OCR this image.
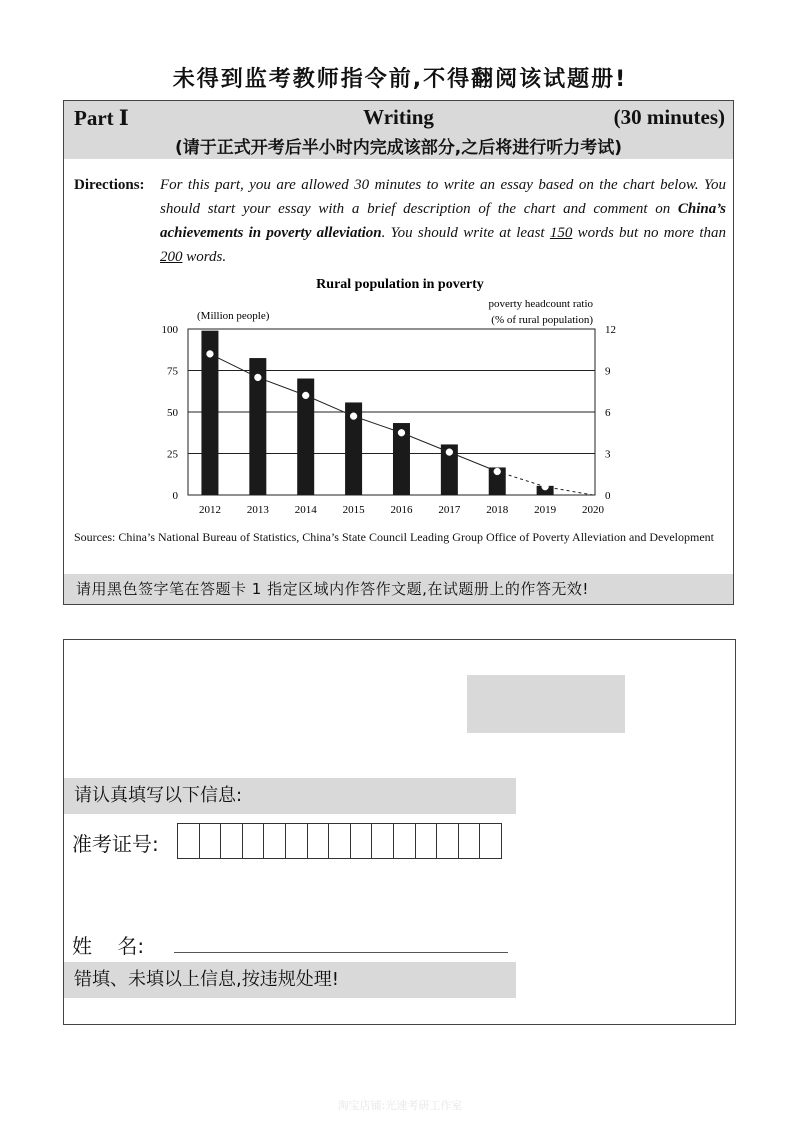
未得到监考教师指令前,不得翻阅该试题册!
Writing
Part Ⅰ	(30 minutes)
(请于正式开考后半小时内完成该部分,之后将进行听力考试)
Directions: For this part, you are allowed 30 minutes to write an essay based on the chart below. You should start your essay with a brief description of the chart and comment on China’s achievements in poverty alleviation. You should write at least 150 words but no more than 200 words.
Rural population in poverty
(Million people)
poverty headcount ratio
(% of rural population)
0
25
50
75
100
0
3
6
9
12
2012 2013 2014 2015 2016 2017 2018 2019 2020
Sources: China’s National Bureau of Statistics, China’s State Council Leading Group Office of Poverty Alleviation and Development
请用黑色签字笔在答题卡 1 指定区域内作答作文题,在试题册上的作答无效!
请认真填写以下信息:
准考证号:
姓    名:
错填、未填以上信息,按违规处理!
淘宝店铺:光速考研工作室
